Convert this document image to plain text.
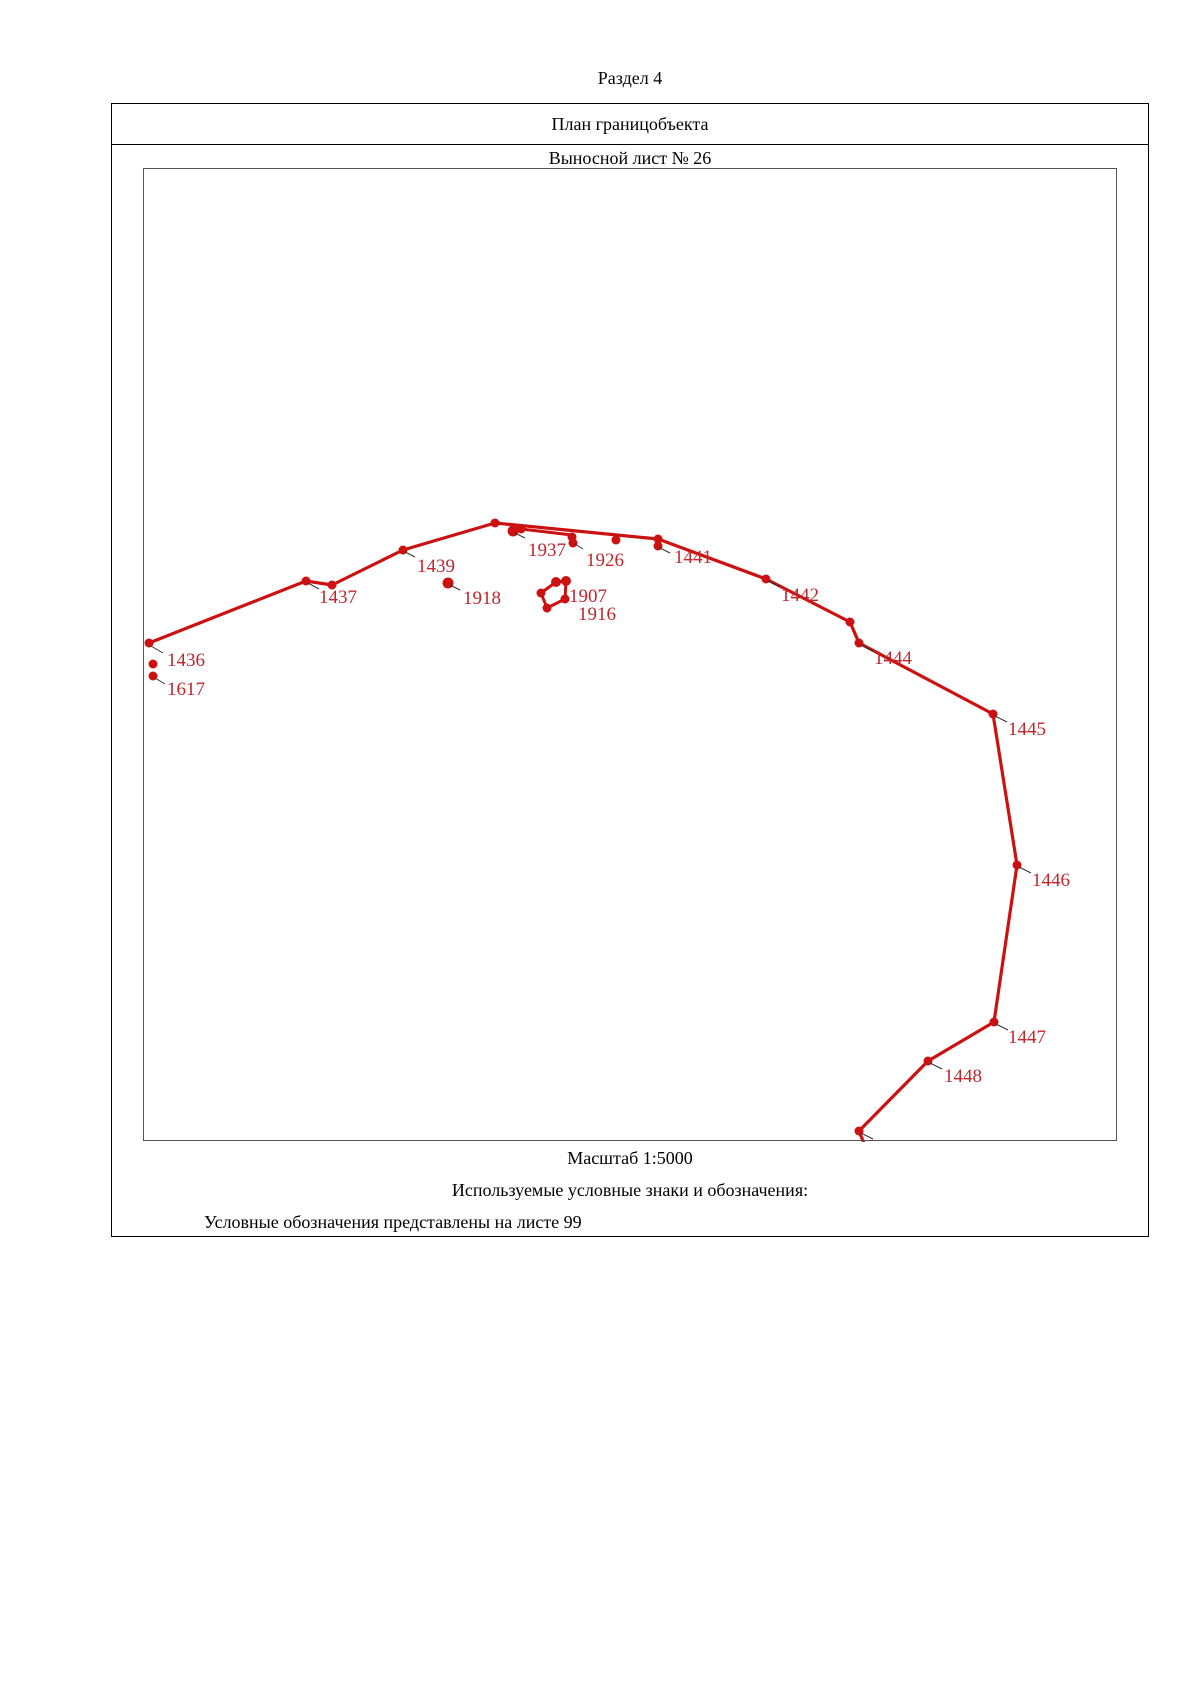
Раздел 4
План границобъекта
Выносной лист № 26
1436
1617
1437
1439
1918
1937 1926
1907
1916
1441
1442
1444
1445
1446
1447
1448
Масштаб 1:5000
Используемые условные знаки и обозначения:
Условные обозначения представлены на листе 99
